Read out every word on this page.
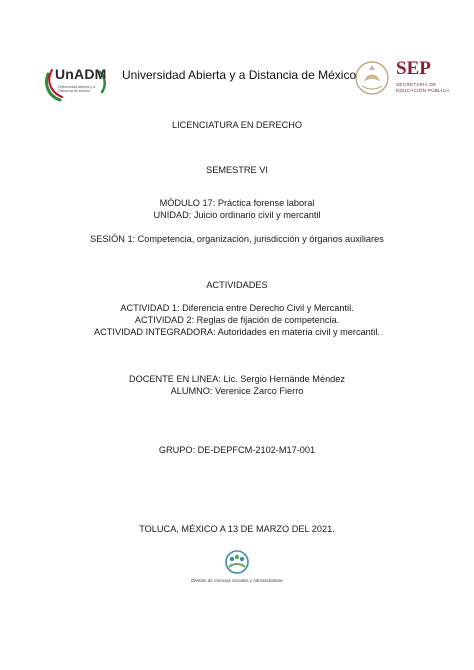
UnADM
Universidad Abierta y a Distancia de México
Universidad Abierta y a Distancia de México SEP
SECRETARÍA DE EDUCACIÓN PÚBLICA
LICENCIATURA EN DERECHO
SEMESTRE VI
MÓDULO 17: Práctica forense laboral
UNIDAD: Juicio ordinario civil y mercantil
SESIÓN 1: Competencia, organización, jurisdicción y órganos auxiliares
ACTIVIDADES
ACTIVIDAD 1: Diferencia entre Derecho Civil y Mercantil.
ACTIVIDAD 2: Reglas de fijación de competencia.
ACTIVIDAD INTEGRADORA: Autoridades en materia civil y mercantil.
DOCENTE EN LINEA: Lic. Sergio Hernánde Méndez
ALUMNO: Verenice Zarco Fierro
GRUPO: DE-DEPFCM-2102-M17-001
TOLUCA, MÉXICO A 13 DE MARZO DEL 2021.
División de Ciencias Sociales y Administrativas
